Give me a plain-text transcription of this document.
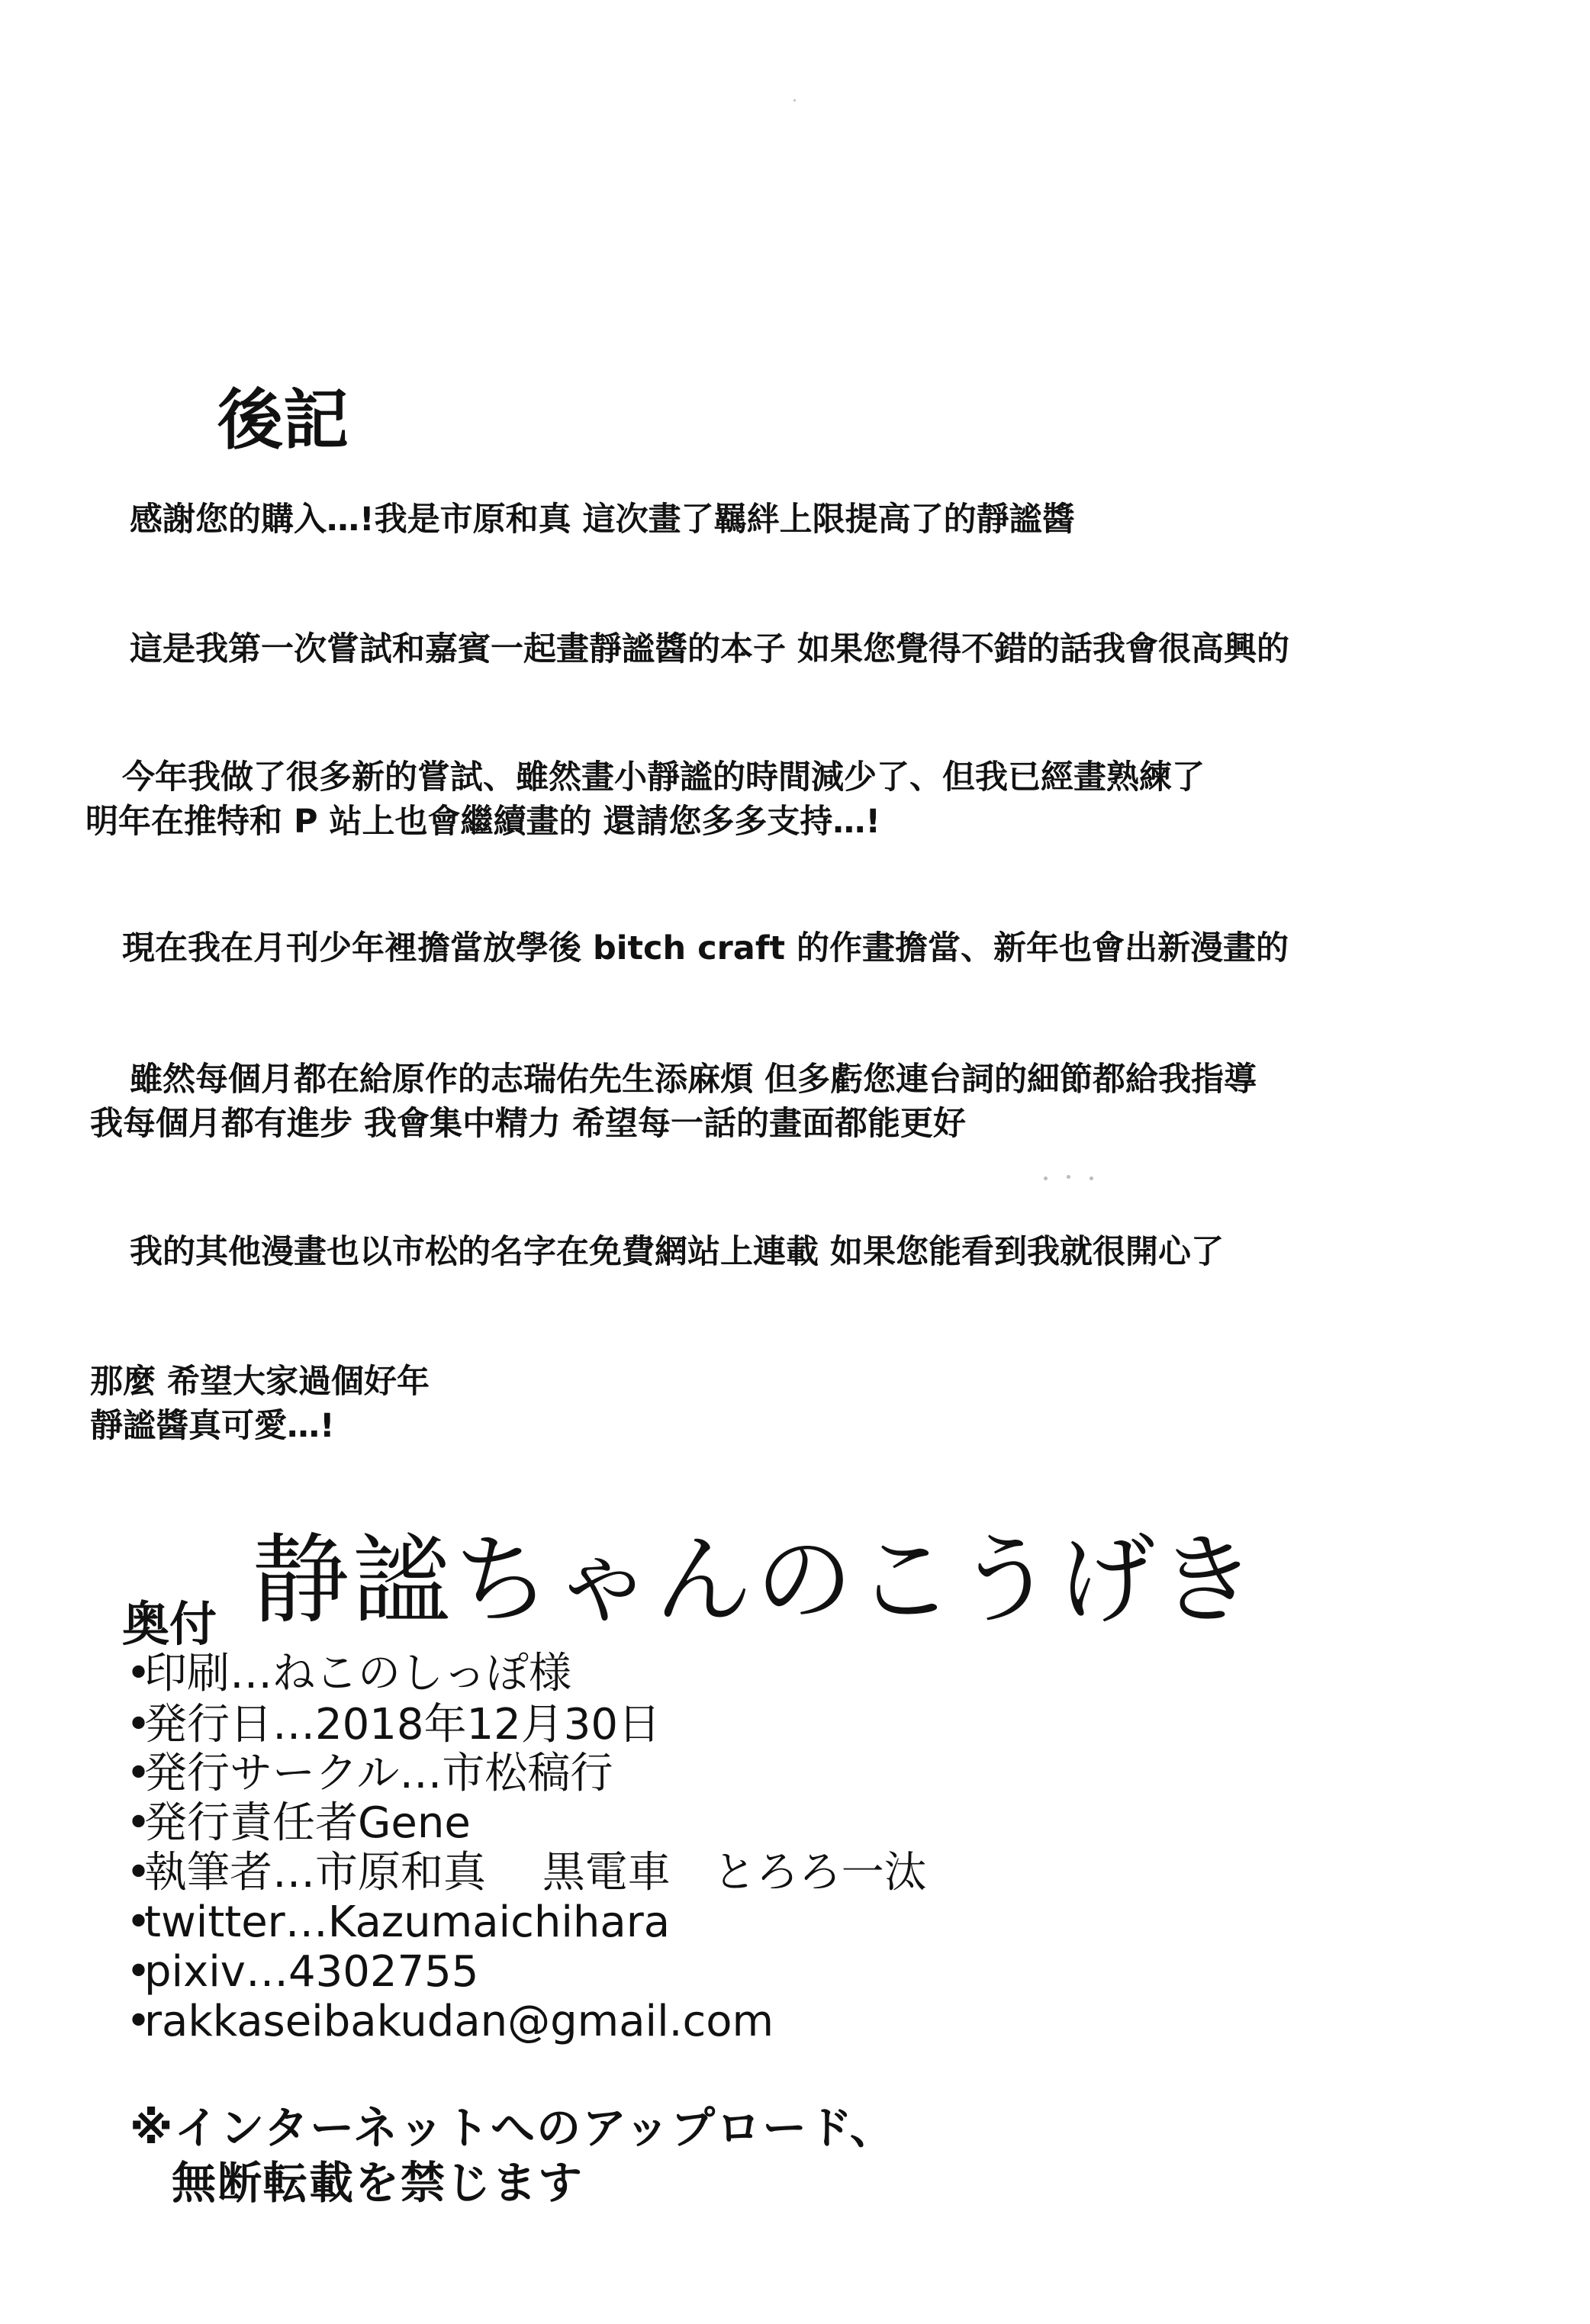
後記
感謝您的購入…!我是市原和真 這次畫了羈絆上限提高了的靜謐醬
這是我第一次嘗試和嘉賓一起畫靜謐醬的本子 如果您覺得不錯的話我會很高興的
今年我做了很多新的嘗試、雖然畫小靜謐的時間減少了、但我已經畫熟練了
明年在推特和 P 站上也會繼續畫的 還請您多多支持…!
現在我在月刊少年裡擔當放學後 bitch craft 的作畫擔當、新年也會出新漫畫的
雖然每個月都在給原作的志瑞佑先生添麻煩 但多虧您連台詞的細節都給我指導
我每個月都有進步 我會集中精力 希望每一話的畫面都能更好
我的其他漫畫也以市松的名字在免費網站上連載 如果您能看到我就很開心了
那麼 希望大家過個好年
靜謐醬真可愛…!
奥付 静謐ちゃんのこうげき
•印刷…ねこのしっぽ様
•発行日…2018年12月30日
•発行サークル…市松稿行
•発行責任者Gene
•執筆者…市原和真　 黒電車　とろろ一汰
•twitter…Kazumaichihara
•pixiv…4302755
•rakkaseibakudan@gmail.com
※インターネットへのアップロード、
無断転載を禁じます
